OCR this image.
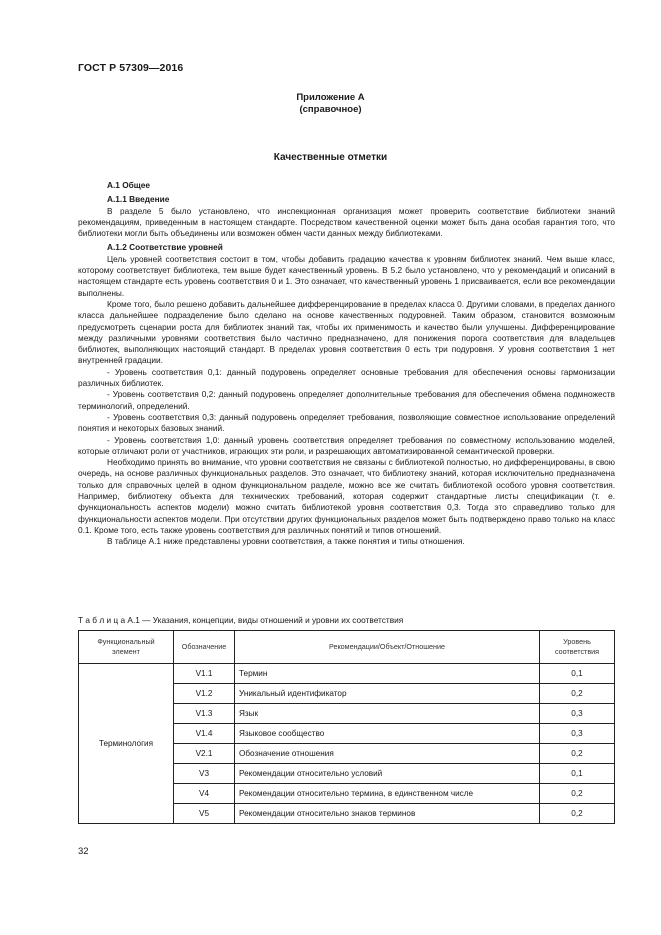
ГОСТ Р 57309—2016
Приложение А
(справочное)
Качественные отметки

А.1 Общее

А.1.1 Введение

В разделе 5 было установлено, что инспекционная организация может проверить соответствие библиотеки знаний рекомендациям, приведенным в настоящем стандарте. Посредством качественной оценки может быть дана особая гарантия того, что библиотеки могли быть объединены или возможен обмен части данных между библиотеками.

А.1.2 Соответствие уровней

Цель уровней соответствия состоит в том, чтобы добавить градацию качества к уровням библиотек знаний. Чем выше класс, которому соответствует библиотека, тем выше будет качественный уровень. В 5.2 было установлено, что у рекомендаций и описаний в настоящем стандарте есть уровень соответствия 0 и 1. Это означает, что качественный уровень 1 присваивается, если все рекомендации выполнены.

Кроме того, было решено добавить дальнейшее дифференцирование в пределах класса 0. Другими словами, в пределах данного класса дальнейшее подразделение было сделано на основе качественных подуровней. Таким образом, становится возможным предусмотреть сценарии роста для библиотек знаний так, чтобы их применимость и качество были улучшены. Дифференцирование между различными уровнями соответствия было частично предназначено, для понижения порога соответствия для владельцев библиотек, выполняющих настоящий стандарт. В пределах уровня соответствия 0 есть три подуровня. У уровня соответствия 1 нет внутренней градации.

- Уровень соответствия 0,1: данный подуровень определяет основные требования для обеспечения основы гармонизации различных библиотек.

- Уровень соответствия 0,2: данный подуровень определяет дополнительные требования для обеспечения обмена подмножеств терминологий, определений.

- Уровень соответствия 0,3: данный подуровень определяет требования, позволяющие совместное использование определений понятия и некоторых базовых знаний.

- Уровень соответствия 1,0: данный уровень соответствия определяет требования по совместному использованию моделей, которые отличают роли от участников, играющих эти роли, и разрешающих автоматизированной семантической проверки.

Необходимо принять во внимание, что уровни соответствия не связаны с библиотекой полностью, но дифференцированы, в свою очередь, на основе различных функциональных разделов. Это означает, что библиотеку знаний, которая исключительно предназначена только для справочных целей в одном функциональном разделе, можно все же считать библиотекой особого уровня соответствия. Например, библиотеку объекта для технических требований, которая содержит стандартные листы спецификации (т. е. функциональность аспектов модели) можно считать библиотекой уровня соответствия 0,3. Тогда это справедливо только для функциональности аспектов модели. При отсутствии других функциональных разделов может быть подтверждено право только на класс 0.1. Кроме того, есть также уровень соответствия для различных понятий и типов отношений.

В таблице А.1 ниже представлены уровни соответствия, а также понятия и типы отношения.

Т а б л и ц а А.1 — Указания, концепции, виды отношений и уровни их соответствия
Функциональный элемент	Обозначение	Рекомендации/Объект/Отношение	Уровень соответствия
Терминология	V1.1	Термин	0,1
	V1.2	Уникальный идентификатор	0,2
	V1.3	Язык	0,3
	V1.4	Языковое сообщество	0,3
	V2.1	Обозначение отношения	0,2
	V3	Рекомендации относительно условий	0,1
	V4	Рекомендации относительно термина, в единственном числе	0,2
	V5	Рекомендации относительно знаков терминов	0,2
32
